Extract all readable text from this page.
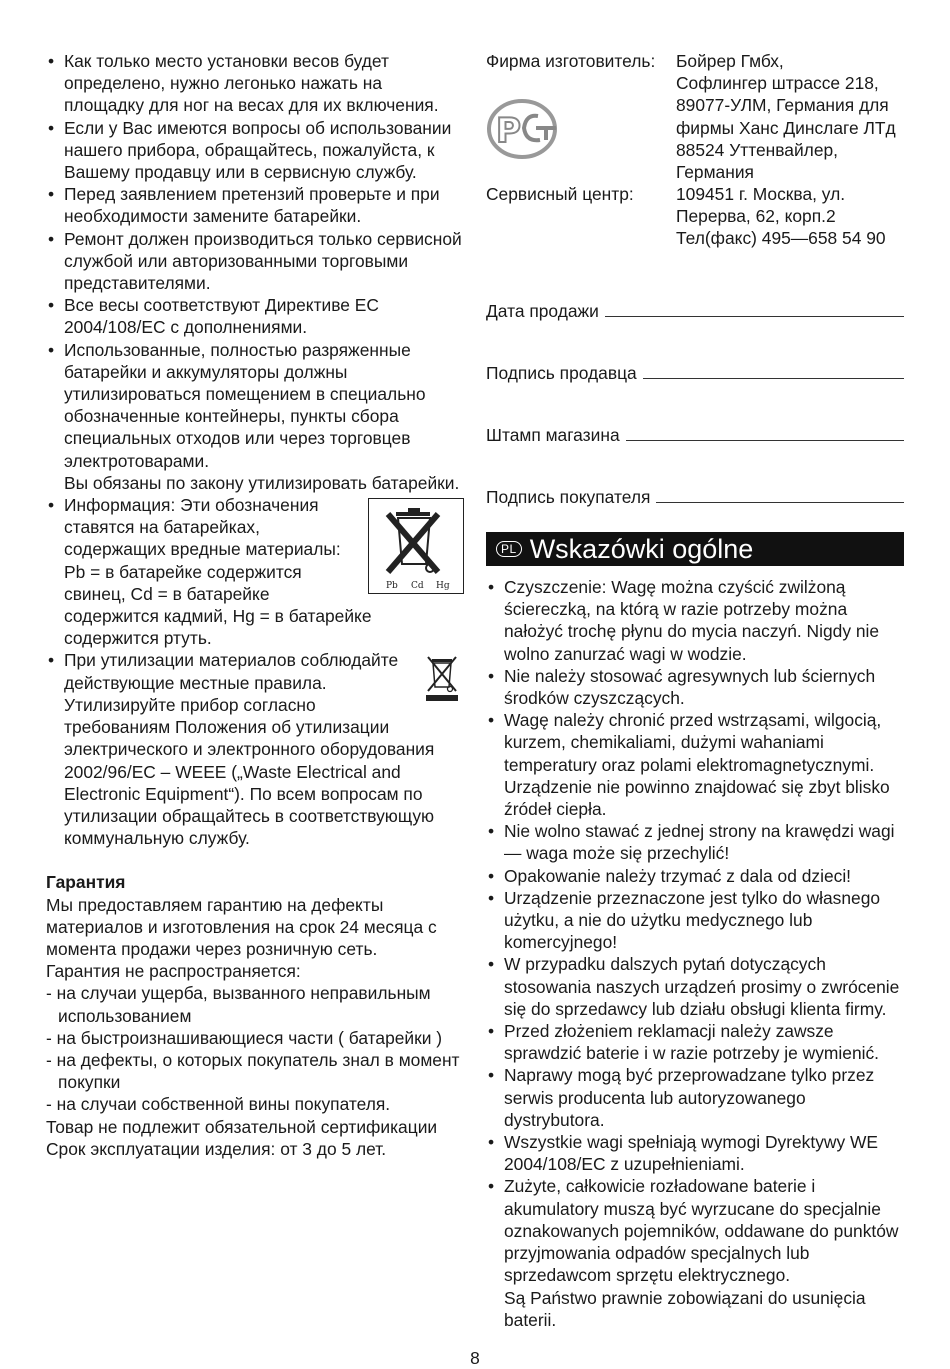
• Как только место установки весов будет определено, нужно легонько нажать на площадку для ног на весах для их включения.
• Если у Вас имеются вопросы об использовании нашего прибора, обращайтесь, пожалуйста, к Вашему продавцу или в сервисную службу.
• Перед заявлением претензий проверьте и при необходимости замените батарейки.
• Ремонт должен производиться только сервисной службой или авторизованными торговыми представителями.
• Все весы соответствуют Директиве ЕС 2004/108/EC с дополнениями.
• Использованные, полностью разряженные батарейки и аккумуляторы должны утилизироваться помещением в специально обозначенные контейнеры, пункты сбора специальных отходов или через торговцев электротоварами.
Вы обязаны по закону утилизировать батарейки.
• Pb Cd Hg
Информация: Эти обозначения ставятся на батарейках, содержащих вредные материалы: Pb = в батарейке содержится свинец, Cd = в батарейке содержится кадмий, Hg = в батарейке содержится ртуть.
• При утилизации материалов соблюдайте действующие местные правила. Утилизируйте прибор согласно требованиям Положения об утилизации электрического и электронного оборудования 2002/96/EC – WEEE („Waste Electrical and Electronic Equipment“). По всем вопросам по утилизации обращайтесь в соответствующую коммунальную службу.
Гарантия

Мы предоставляем гарантию на дефекты материалов и изготовления на срок 24 месяца с момента продажи через розничную сеть.

Гарантия не распространяется:

- на случаи ущерба, вызванного неправильным использованием
- на быстроизнашивающиеся части ( батарейки )
- на дефекты, о которых покупатель знал в момент покупки
- на случаи собственной вины покупателя.

Товар не подлежит обязательной сертификации

Срок эксплуатации изделия: от 3 до 5 лет.

Фирма изготовитель: Бойрер Гмбх,
Софлингер штрассе 218,
89077-УЛМ, Германия для
фирмы Ханс Динслаге ЛТд
88524 Уттенвайлер,
Германия
P
Сервисный центр: 109451 г. Москва, ул.
Перерва, 62, корп.2
Тел(факс) 495—658 54 90
Дата продажи
Подпись продавца
Штамп магазина
Подпись покупателя
PL Wskazówki ogólne
• Czyszczenie: Wagę można czyścić zwilżoną ściereczką, na którą w razie potrzeby można nałożyć trochę płynu do mycia naczyń. Nigdy nie wolno zanurzać wagi w wodzie.
• Nie należy stosować agresywnych lub ściernych środków czyszczących.
• Wagę należy chronić przed wstrząsami, wilgocią, kurzem, chemikaliami, dużymi wahaniami temperatury oraz polami elektromagnetycznymi. Urządzenie nie powinno znajdować się zbyt blisko źródeł ciepła.
• Nie wolno stawać z jednej strony na krawędzi wagi — waga może się przechylić!
• Opakowanie należy trzymać z dala od dzieci!
• Urządzenie przeznaczone jest tylko do własnego użytku, a nie do użytku medycznego lub komercyjnego!
• W przypadku dalszych pytań dotyczących stosowania naszych urządzeń prosimy o zwrócenie się do sprzedawcy lub działu obsługi klienta firmy.
• Przed złożeniem reklamacji należy zawsze sprawdzić baterie i w razie potrzeby je wymienić.
• Naprawy mogą być przeprowadzane tylko przez serwis producenta lub autoryzowanego dystrybutora.
• Wszystkie wagi spełniają wymogi Dyrektywy WE 2004/108/EC z uzupełnieniami.
• Zużyte, całkowicie rozładowane baterie i akumulatory muszą być wyrzucane do specjalnie oznakowanych pojemników, oddawane do punktów przyjmowania odpadów specjalnych lub sprzedawcom sprzętu elektrycznego.
Są Państwo prawnie zobowiązani do usunięcia baterii.
8
